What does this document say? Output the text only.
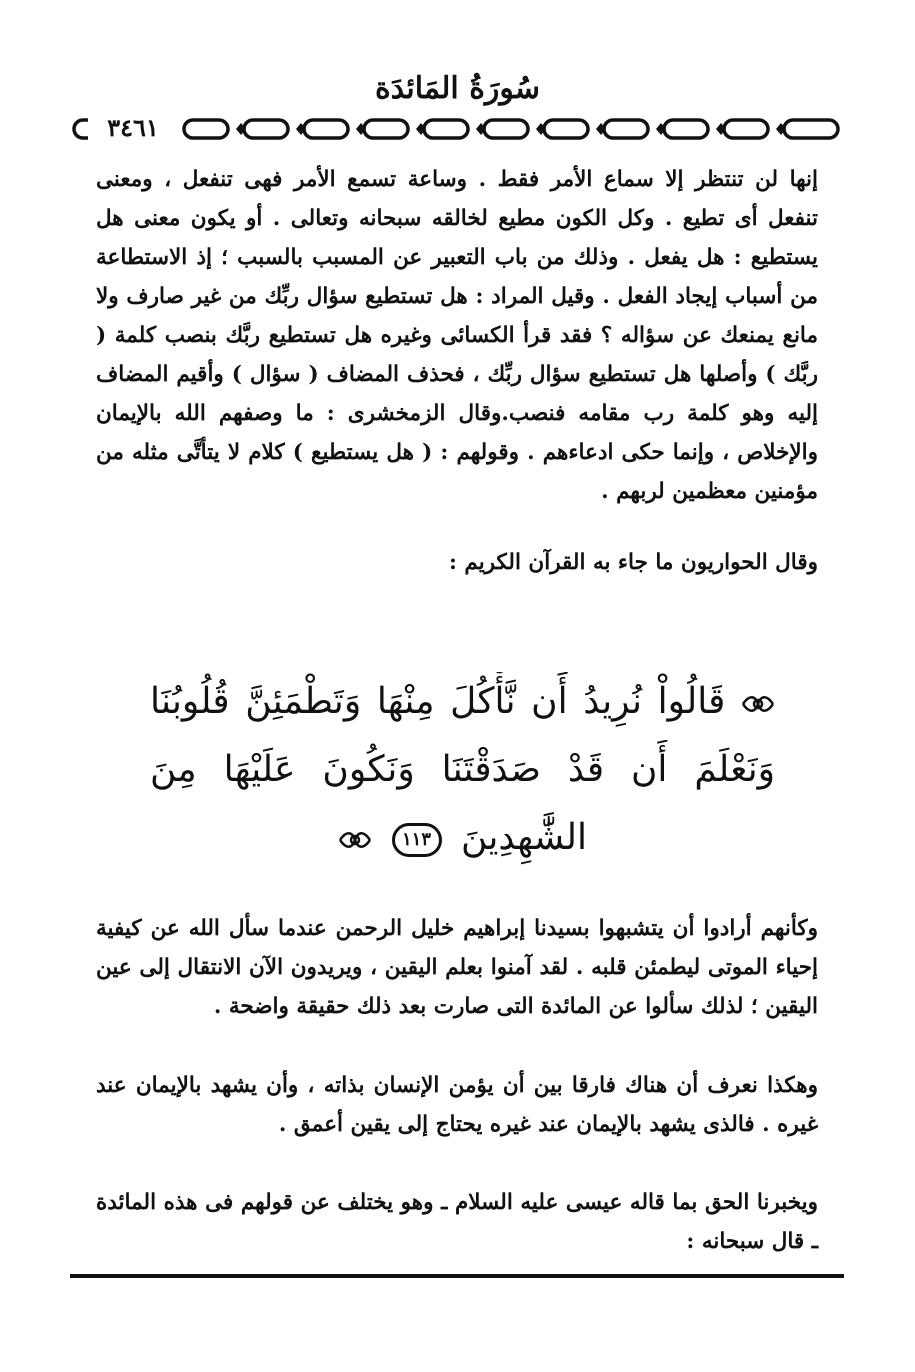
سُورَةُ المَائدَة
٣٤٦١

إنها لن تنتظر إلا سماع الأمر فقط . وساعة تسمع الأمر فهى تنفعل ، ومعنى تنفعل أى تطيع . وكل الكون مطيع لخالقه سبحانه وتعالى . أو يكون معنى هل يستطيع : هل يفعل . وذلك من باب التعبير عن المسبب بالسبب ؛ إذ الاستطاعة من أسباب إيجاد الفعل . وقيل المراد : هل تستطيع سؤال ربِّك من غير صارف ولا مانع يمنعك عن سؤاله ؟ فقد قرأ الكسائى وغيره هل تستطيع ربَّك بنصب كلمة ( ربَّك ) وأصلها هل تستطيع سؤال ربِّك ، فحذف المضاف ( سؤال ) وأقيم المضاف إليه وهو كلمة رب مقامه فنصب.وقال الزمخشرى : ما وصفهم الله بالإيمان والإخلاص ، وإنما حكى ادعاءهم . وقولهم : ( هل يستطيع ) كلام لا يتأتَّى مثله من مؤمنين معظمين لربهم .

وقال الحواريون ما جاء به القرآن الكريم :

قَالُواْ نُرِيدُ أَن نَّأْكُلَ مِنْهَا وَتَطْمَئِنَّ قُلُوبُنَا
وَنَعْلَمَ أَن قَدْ صَدَقْتَنَا وَنَكُونَ عَلَيْهَا مِنَ
الشَّٰهِدِينَ ١١٣

وكأنهم أرادوا أن يتشبهوا بسيدنا إبراهيم خليل الرحمن عندما سأل الله عن كيفية إحياء الموتى ليطمئن قلبه . لقد آمنوا بعلم اليقين ، ويريدون الآن الانتقال إلى عين اليقين ؛ لذلك سألوا عن المائدة التى صارت بعد ذلك حقيقة واضحة .

وهكذا نعرف أن هناك فارقا بين أن يؤمن الإنسان بذاته ، وأن يشهد بالإيمان عند غيره . فالذى يشهد بالإيمان عند غيره يحتاج إلى يقين أعمق .

ويخبرنا الحق بما قاله عيسى عليه السلام ـ وهو يختلف عن قولهم فى هذه المائدة ـ قال سبحانه :
